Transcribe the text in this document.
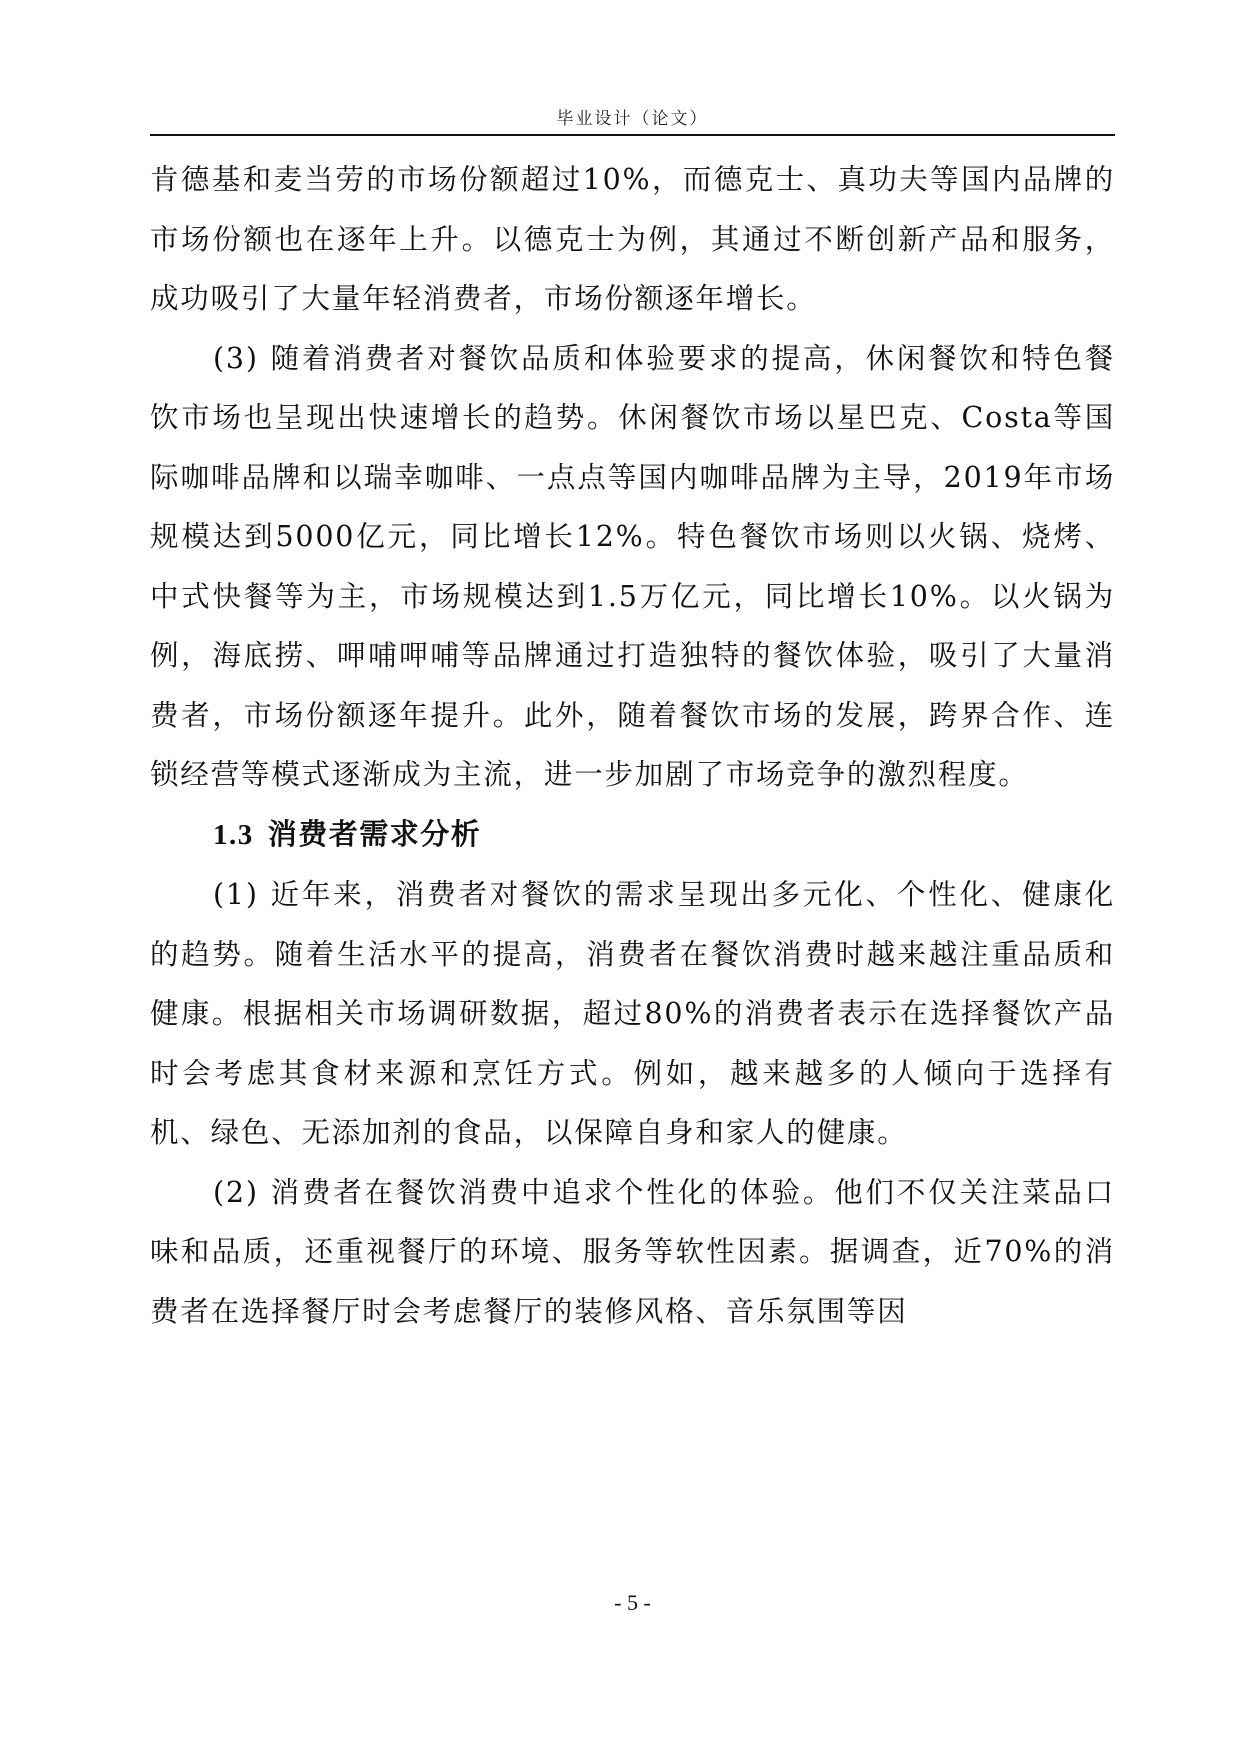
毕业设计（论文）

肯德基和麦当劳的市场份额超过10%，而德克士、真功夫等国内品牌的市场份额也在逐年上升。以德克士为例，其通过不断创新产品和服务，成功吸引了大量年轻消费者，市场份额逐年增长。

(3) 随着消费者对餐饮品质和体验要求的提高，休闲餐饮和特色餐饮市场也呈现出快速增长的趋势。休闲餐饮市场以星巴克、Costa等国际咖啡品牌和以瑞幸咖啡、一点点等国内咖啡品牌为主导，2019年市场规模达到5000亿元，同比增长12%。特色餐饮市场则以火锅、烧烤、中式快餐等为主，市场规模达到1.5万亿元，同比增长10%。以火锅为例，海底捞、呷哺呷哺等品牌通过打造独特的餐饮体验，吸引了大量消费者，市场份额逐年提升。此外，随着餐饮市场的发展，跨界合作、连锁经营等模式逐渐成为主流，进一步加剧了市场竞争的激烈程度。

1.3 消费者需求分析

(1) 近年来，消费者对餐饮的需求呈现出多元化、个性化、健康化的趋势。随着生活水平的提高，消费者在餐饮消费时越来越注重品质和健康。根据相关市场调研数据，超过80%的消费者表示在选择餐饮产品时会考虑其食材来源和烹饪方式。例如，越来越多的人倾向于选择有机、绿色、无添加剂的食品，以保障自身和家人的健康。

(2) 消费者在餐饮消费中追求个性化的体验。他们不仅关注菜品口味和品质，还重视餐厅的环境、服务等软性因素。据调查，近70%的消费者在选择餐厅时会考虑餐厅的装修风格、音乐氛围等因

- 5 -
